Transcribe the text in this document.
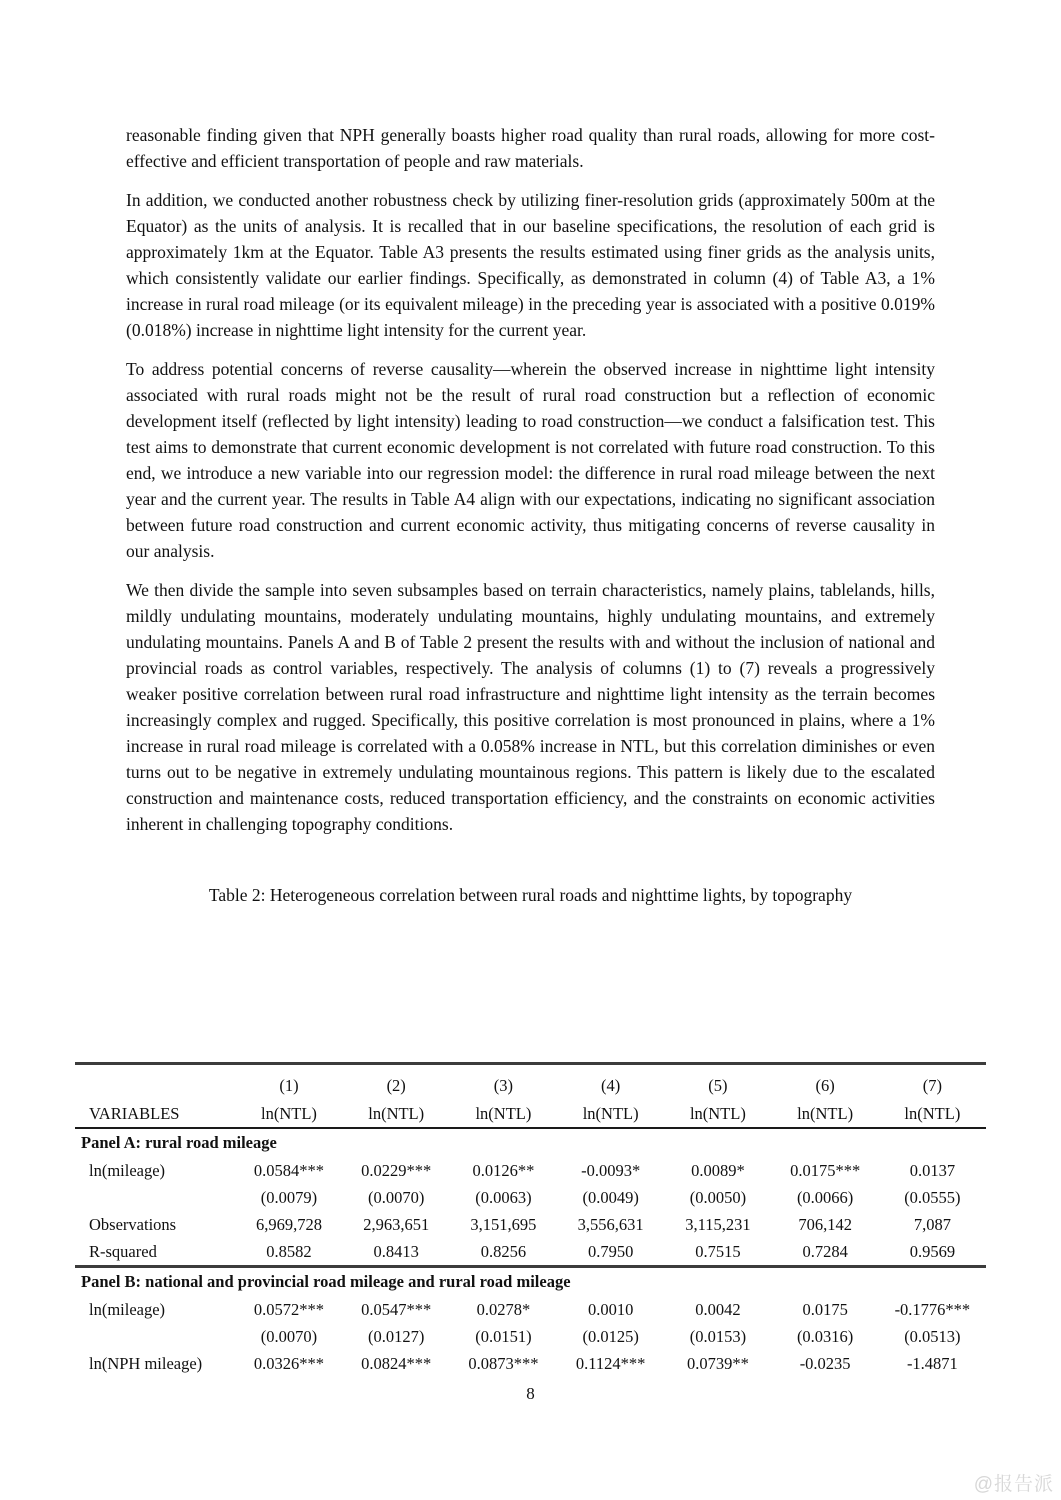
reasonable finding given that NPH generally boasts higher road quality than rural roads, allowing for more cost-effective and efficient transportation of people and raw materials.

In addition, we conducted another robustness check by utilizing finer-resolution grids (approximately 500m at the Equator) as the units of analysis. It is recalled that in our baseline specifications, the resolution of each grid is approximately 1km at the Equator. Table A3 presents the results estimated using finer grids as the analysis units, which consistently validate our earlier findings. Specifically, as demonstrated in column (4) of Table A3, a 1% increase in rural road mileage (or its equivalent mileage) in the preceding year is associated with a positive 0.019% (0.018%) increase in nighttime light intensity for the current year.

To address potential concerns of reverse causality—wherein the observed increase in nighttime light intensity associated with rural roads might not be the result of rural road construction but a reflection of economic development itself (reflected by light intensity) leading to road construction—we conduct a falsification test. This test aims to demonstrate that current economic development is not correlated with future road construction. To this end, we introduce a new variable into our regression model: the difference in rural road mileage between the next year and the current year. The results in Table A4 align with our expectations, indicating no significant association between future road construction and current economic activity, thus mitigating concerns of reverse causality in our analysis.

We then divide the sample into seven subsamples based on terrain characteristics, namely plains, tablelands, hills, mildly undulating mountains, moderately undulating mountains, highly undulating mountains, and extremely undulating mountains. Panels A and B of Table 2 present the results with and without the inclusion of national and provincial roads as control variables, respectively. The analysis of columns (1) to (7) reveals a progressively weaker positive correlation between rural road infrastructure and nighttime light intensity as the terrain becomes increasingly complex and rugged. Specifically, this positive correlation is most pronounced in plains, where a 1% increase in rural road mileage is correlated with a 0.058% increase in NTL, but this correlation diminishes or even turns out to be negative in extremely undulating mountainous regions. This pattern is likely due to the escalated construction and maintenance costs, reduced transportation efficiency, and the constraints on economic activities inherent in challenging topography conditions.

Table 2: Heterogeneous correlation between rural roads and nighttime lights, by topography
	(1)	(2)	(3)	(4)	(5)	(6)	(7)
VARIABLES	ln(NTL)	ln(NTL)	ln(NTL)	ln(NTL)	ln(NTL)	ln(NTL)	ln(NTL)
Panel A: rural road mileage							
ln(mileage)	0.0584***	0.0229***	0.0126**	-0.0093*	0.0089*	0.0175***	0.0137
	(0.0079)	(0.0070)	(0.0063)	(0.0049)	(0.0050)	(0.0066)	(0.0555)
Observations	6,969,728	2,963,651	3,151,695	3,556,631	3,115,231	706,142	7,087
R-squared	0.8582	0.8413	0.8256	0.7950	0.7515	0.7284	0.9569
Panel B: national and provincial road mileage and rural road mileage							
ln(mileage)	0.0572***	0.0547***	0.0278*	0.0010	0.0042	0.0175	-0.1776***
	(0.0070)	(0.0127)	(0.0151)	(0.0125)	(0.0153)	(0.0316)	(0.0513)
ln(NPH mileage)	0.0326***	0.0824***	0.0873***	0.1124***	0.0739**	-0.0235	-1.4871
8
@报告派
